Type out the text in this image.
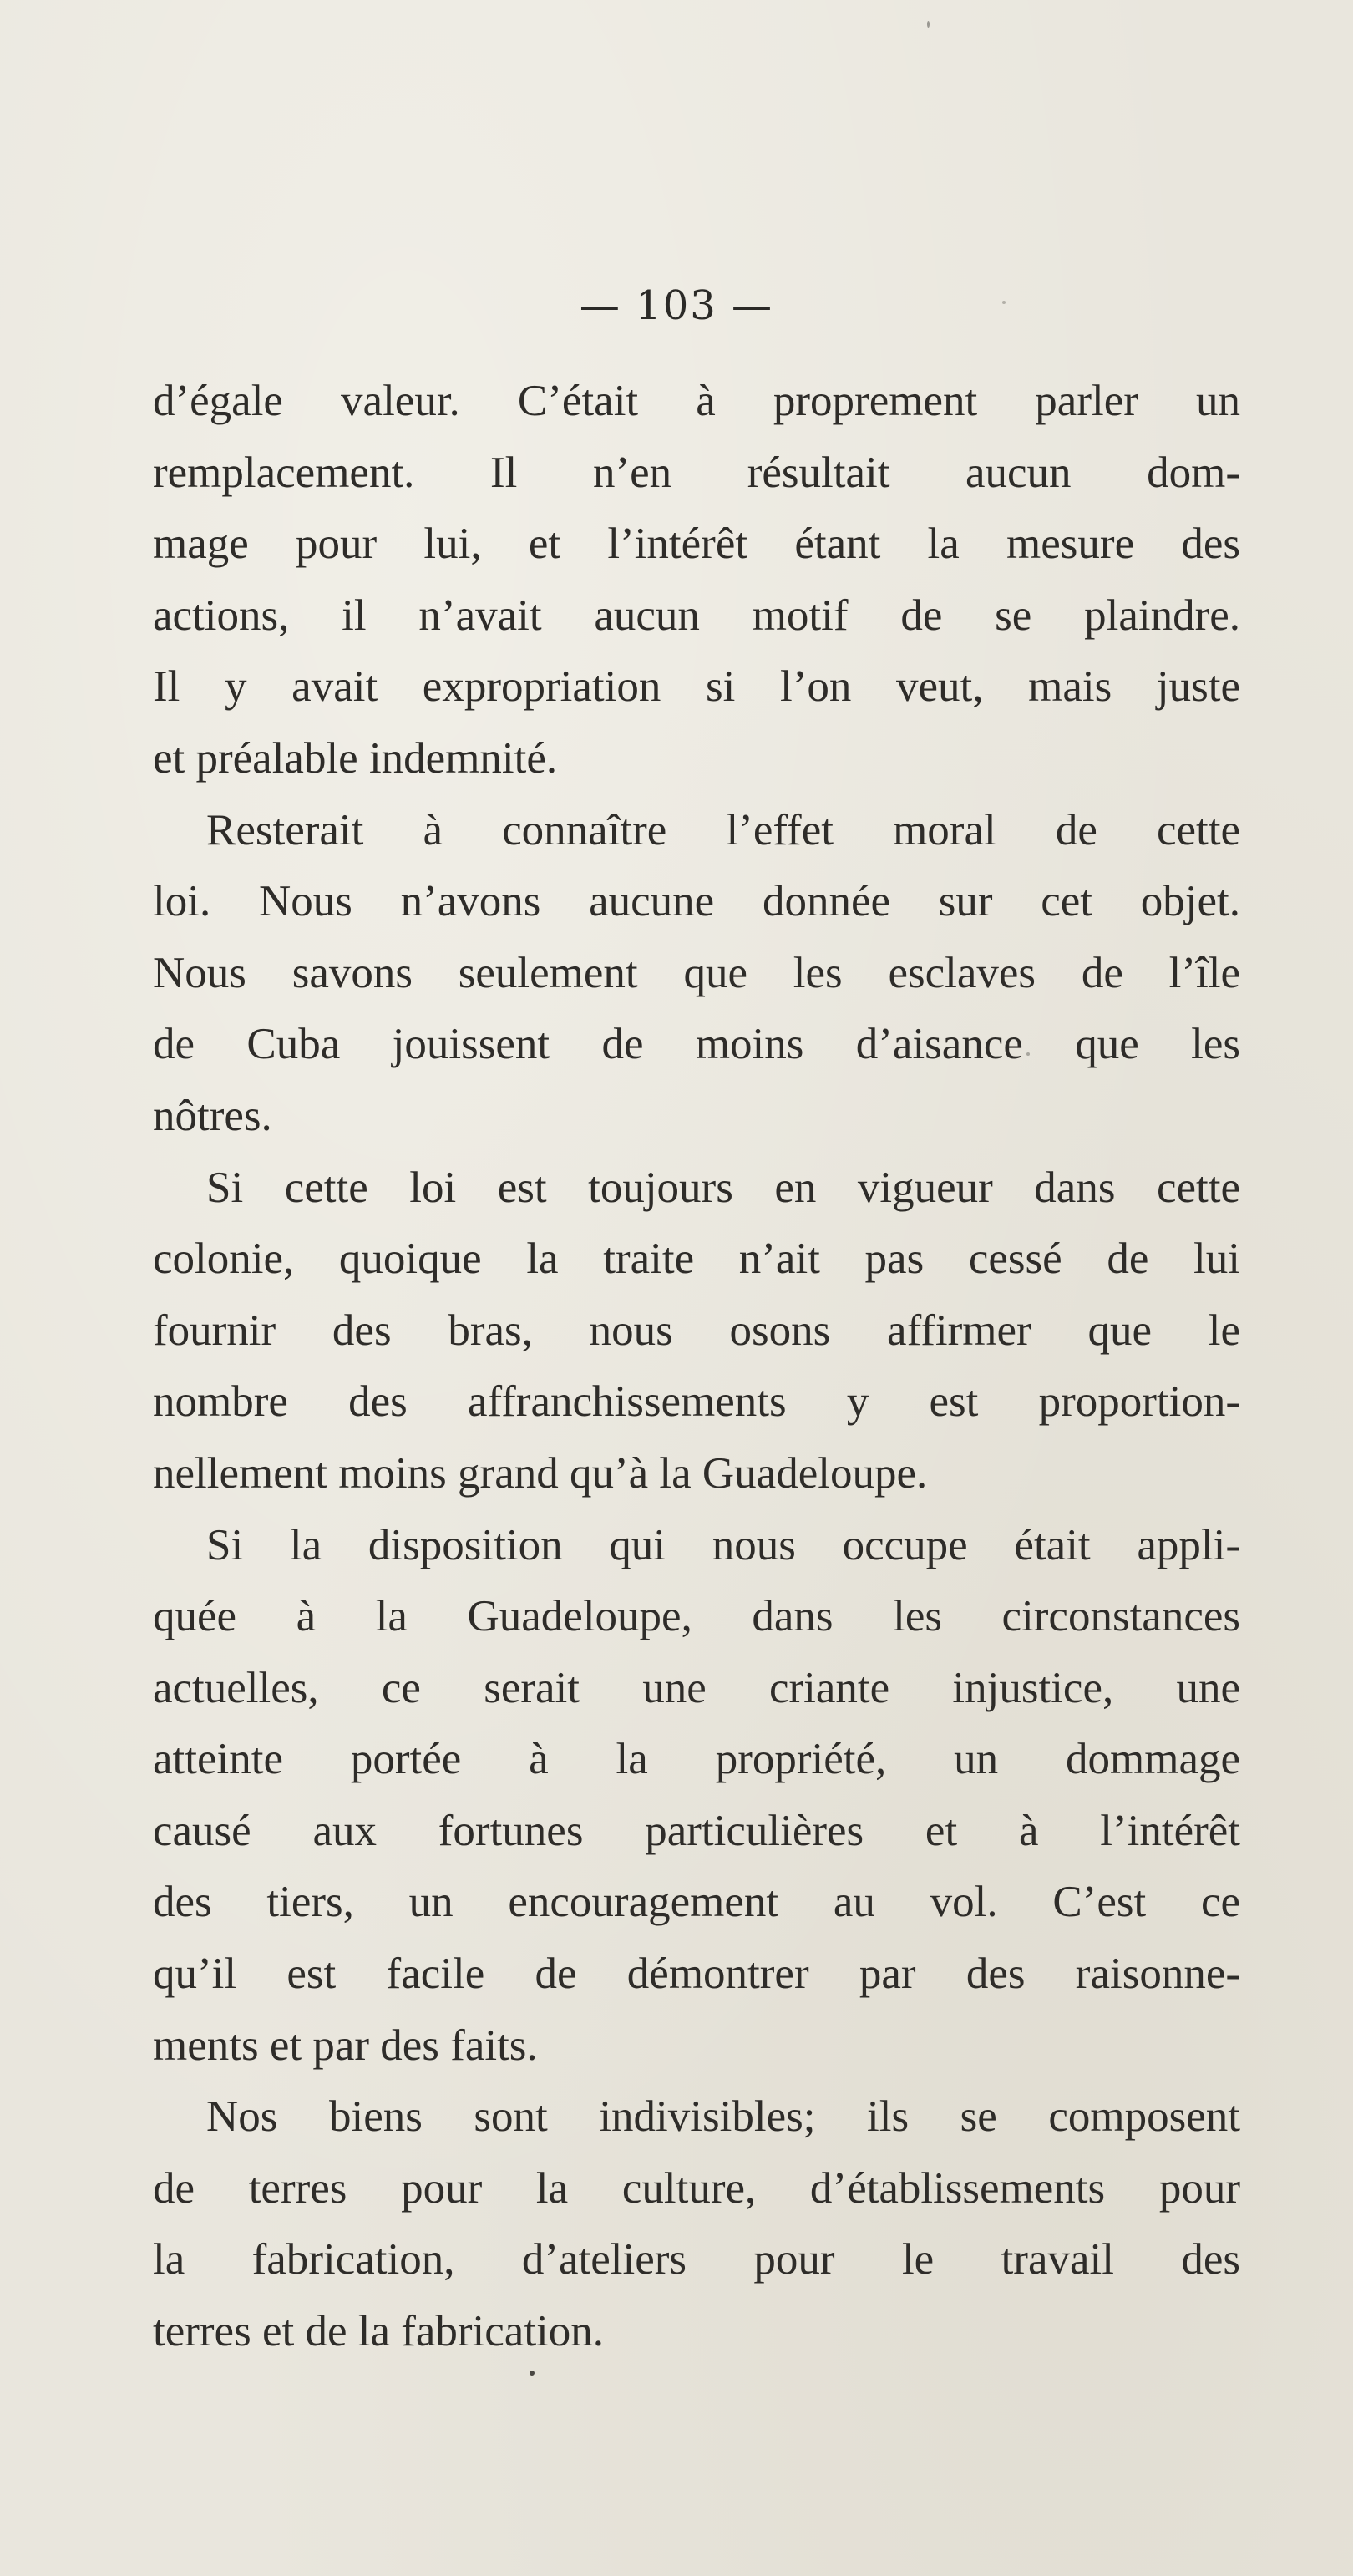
— 103 —
d’égale valeur. C’était à proprement parler un
remplacement. Il n’en résultait aucun dom-
mage pour lui, et l’intérêt étant la mesure des
actions, il n’avait aucun motif de se plaindre.
Il y avait expropriation si l’on veut, mais juste
et préalable indemnité.
Resterait à connaître l’effet moral de cette
loi. Nous n’avons aucune donnée sur cet objet.
Nous savons seulement que les esclaves de l’île
de Cuba jouissent de moins d’aisance que les
nôtres.
Si cette loi est toujours en vigueur dans cette
colonie, quoique la traite n’ait pas cessé de lui
fournir des bras, nous osons affirmer que le
nombre des affranchissements y est proportion-
nellement moins grand qu’à la Guadeloupe.
Si la disposition qui nous occupe était appli-
quée à la Guadeloupe, dans les circonstances
actuelles, ce serait une criante injustice, une
atteinte portée à la propriété, un dommage
causé aux fortunes particulières et à l’intérêt
des tiers, un encouragement au vol. C’est ce
qu’il est facile de démontrer par des raisonne-
ments et par des faits.
Nos biens sont indivisibles; ils se composent
de terres pour la culture, d’établissements pour
la fabrication, d’ateliers pour le travail des
terres et de la fabrication.
